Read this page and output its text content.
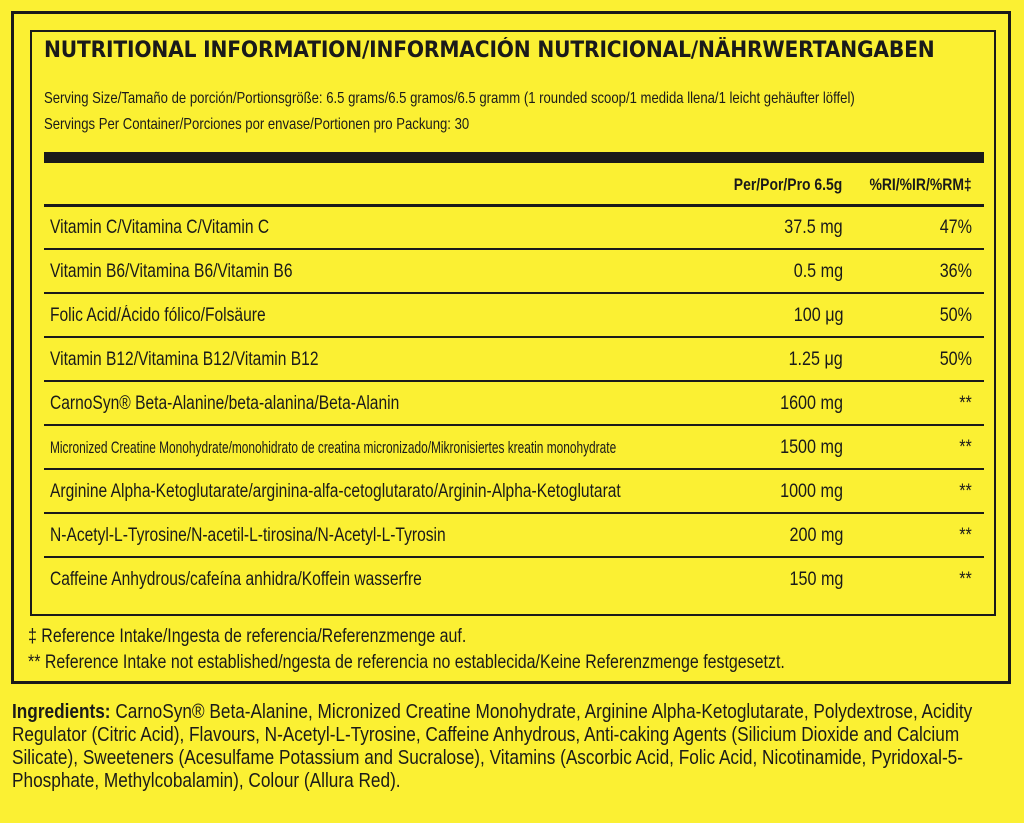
NUTRITIONAL INFORMATION/INFORMACIÓN NUTRICIONAL/NÄHRWERTANGABEN
Serving Size/Tamaño de porción/Portionsgröße: 6.5 grams/6.5 gramos/6.5 gramm (1 rounded scoop/1 medida llena/1 leicht gehäufter löffel)
Servings Per Container/Porciones por envase/Portionen pro Packung: 30
Per/Por/Pro 6.5g %RI/%IR/%RM‡
Vitamin C/Vitamina C/Vitamin C	37.5 mg	47%
Vitamin B6/Vitamina B6/Vitamin B6	0.5 mg	36%
Folic Acid/Ácido fólico/Folsäure	100 μg	50%
Vitamin B12/Vitamina B12/Vitamin B12	1.25 μg	50%
CarnoSyn® Beta-Alanine/beta-alanina/Beta-Alanin	1600 mg	**
Micronized Creatine Monohydrate/monohidrato de creatina micronizado/Mikronisiertes kreatin monohydrate	1500 mg	**
Arginine Alpha-Ketoglutarate/arginina-alfa-cetoglutarato/Arginin-Alpha-Ketoglutarat	1000 mg	**
N-Acetyl-L-Tyrosine/N-acetil-L-tirosina/N-Acetyl-L-Tyrosin	200 mg	**
Caffeine Anhydrous/cafeína anhidra/Koffein wasserfre	150 mg	**
‡ Reference Intake/Ingesta de referencia/Referenzmenge auf.
** Reference Intake not established/ngesta de referencia no establecida/Keine Referenzmenge festgesetzt.
Ingredients: CarnoSyn® Beta-Alanine, Micronized Creatine Monohydrate, Arginine Alpha-Ketoglutarate, Polydextrose, Acidity Regulator (Citric Acid), Flavours, N-Acetyl-L-Tyrosine, Caffeine Anhydrous, Anti-caking Agents (Silicium Dioxide and Calcium Silicate), Sweeteners (Acesulfame Potassium and Sucralose), Vitamins (Ascorbic Acid, Folic Acid, Nicotinamide, Pyridoxal-5-Phosphate, Methylcobalamin), Colour (Allura Red).
